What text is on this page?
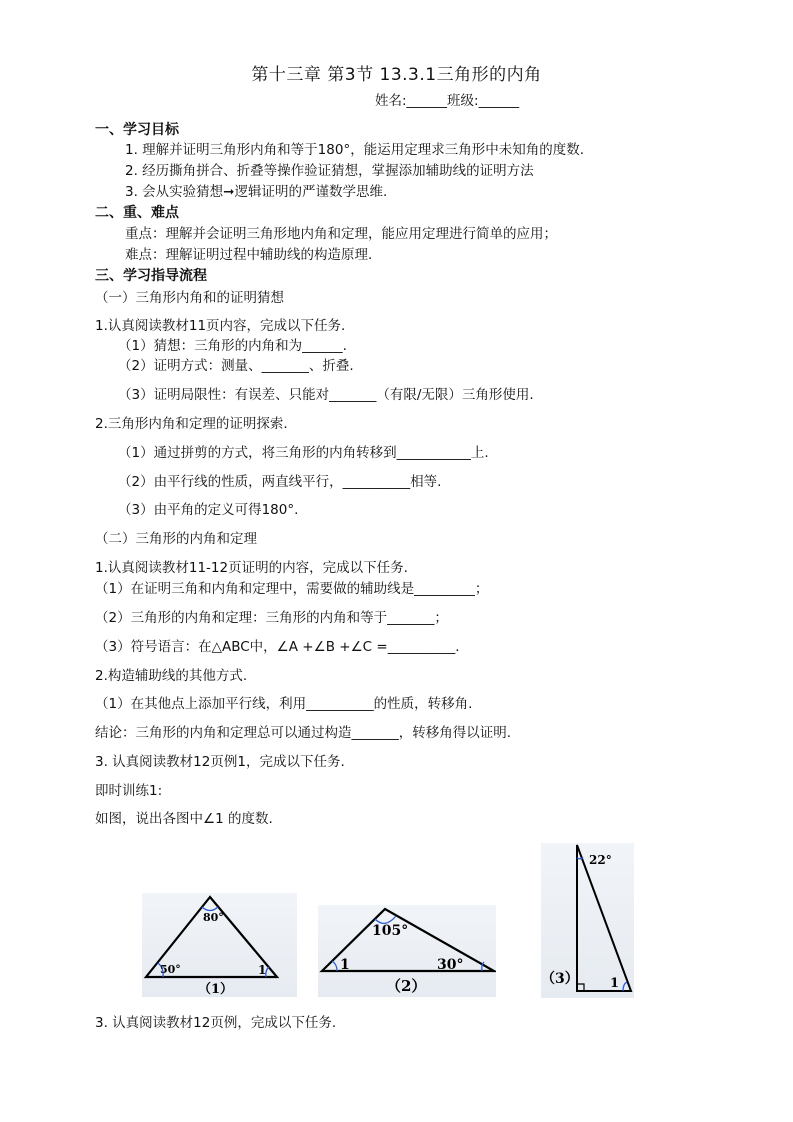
第十三章 第3节 13.3.1三角形的内角
姓名:______班级:______
一、学习目标
1. 理解并证明三角形内角和等于180°，能运用定理求三角形中未知角的度数.
2. 经历撕角拼合、折叠等操作验证猜想，掌握添加辅助线的证明方法
3. 会从实验猜想➞逻辑证明的严谨数学思维.
二、重、难点
重点：理解并会证明三角形地内角和定理，能应用定理进行简单的应用；
难点：理解证明过程中辅助线的构造原理.
三、学习指导流程
（一）三角形内角和的证明猜想
1.认真阅读教材11页内容，完成以下任务.
（1）猜想：三角形的内角和为______.
（2）证明方式：测量、_______、折叠.
（3）证明局限性：有误差、只能对_______（有限/无限）三角形使用.
2.三角形内角和定理的证明探索.
（1）通过拼剪的方式，将三角形的内角转移到___________上.
（2）由平行线的性质，两直线平行，__________相等.
（3）由平角的定义可得180°.
（二）三角形的内角和定理
1.认真阅读教材11-12页证明的内容，完成以下任务.
（1）在证明三角和内角和定理中，需要做的辅助线是_________；
（2）三角形的内角和定理：三角形的内角和等于_______；
（3）符号语言：在△ABC中，∠A +∠B +∠C =__________.
2.构造辅助线的其他方式.
（1）在其他点上添加平行线，利用__________的性质，转移角.
结论：三角形的内角和定理总可以通过构造_______，转移角得以证明.
3. 认真阅读教材12页例1，完成以下任务.
即时训练1:
如图，说出各图中∠1 的度数.
80°
50°	1
（1）
105°
1	30°
（2）
22°
1
（3）
3. 认真阅读教材12页例，完成以下任务.
